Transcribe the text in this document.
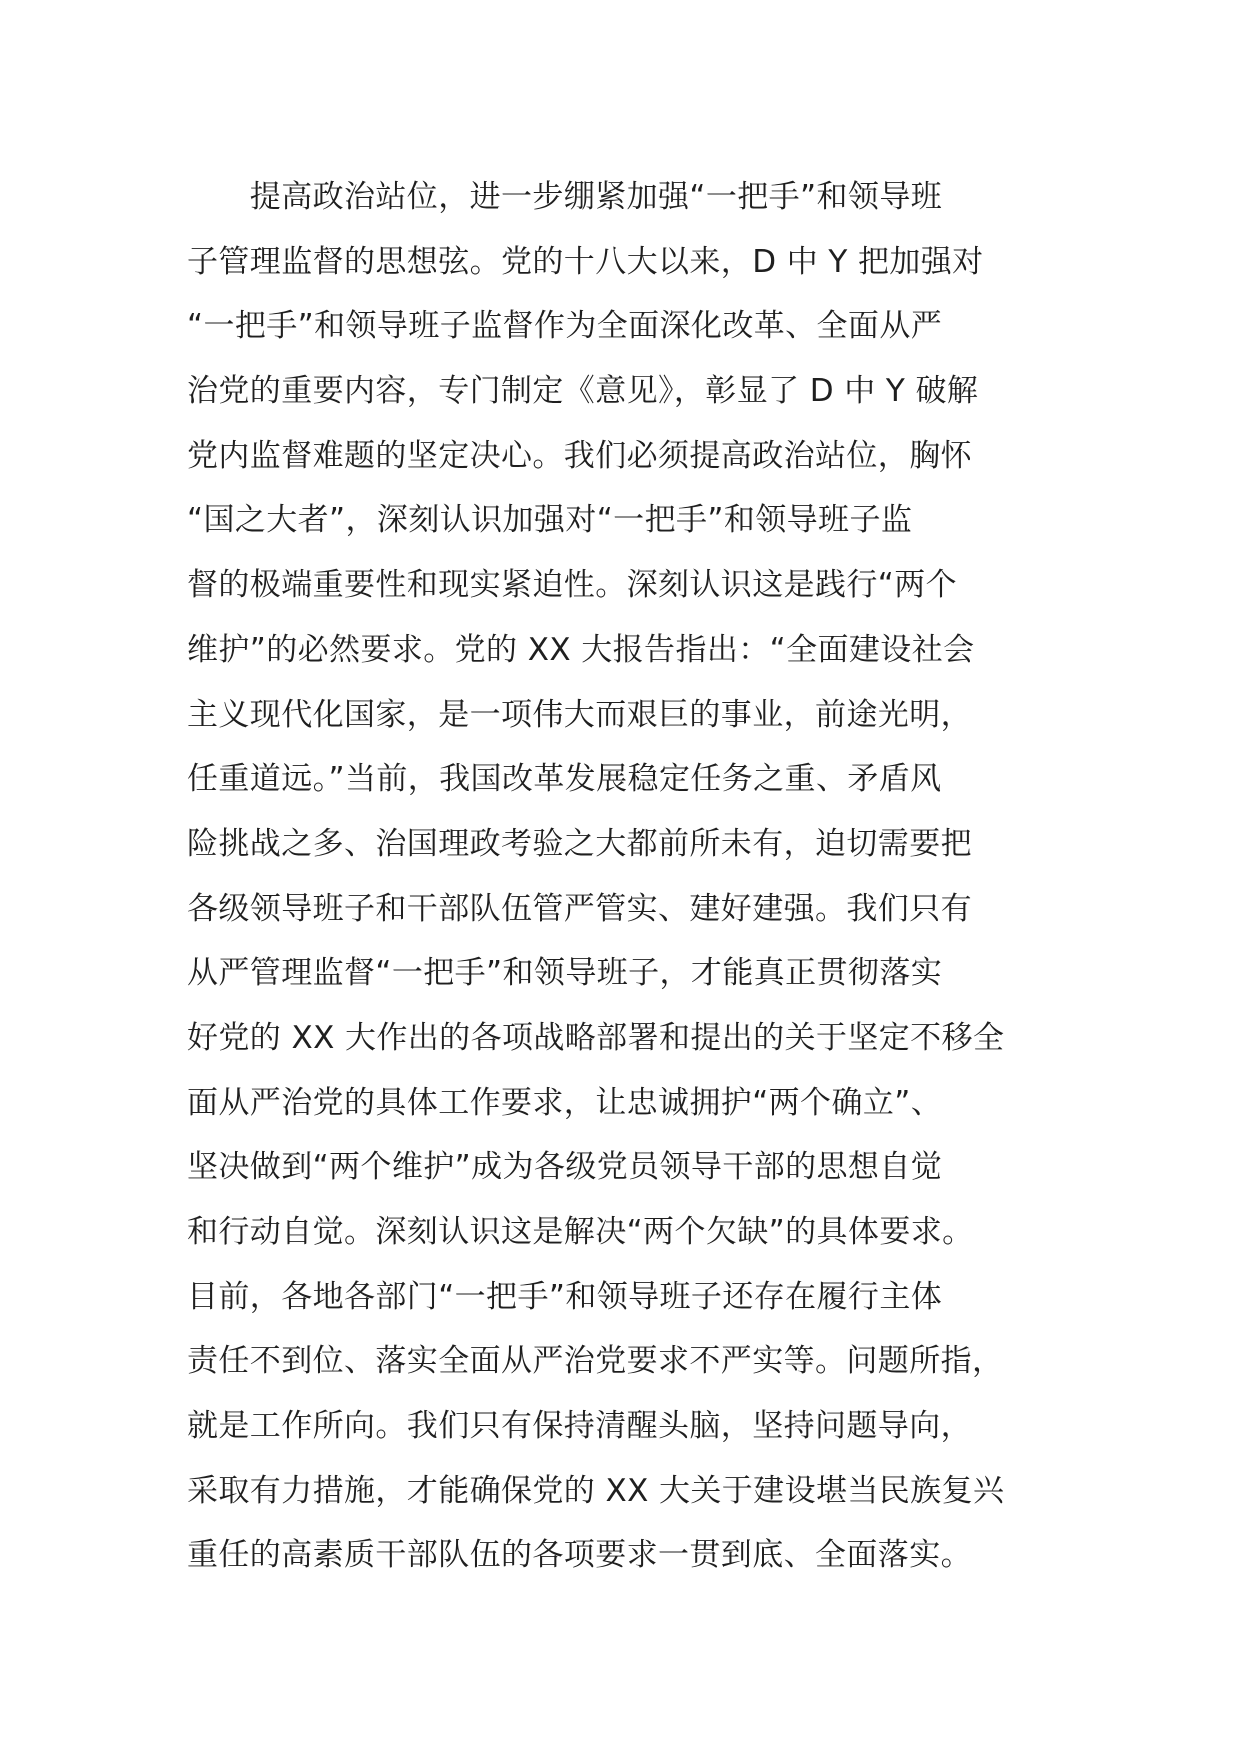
　　提高政治站位，进一步绷紧加强“一把手”和领导班
子管理监督的思想弦。党的十八大以来，D 中 Y 把加强对
“一把手”和领导班子监督作为全面深化改革、全面从严
治党的重要内容，专门制定《意见》，彰显了 D 中 Y 破解
党内监督难题的坚定决心。我们必须提高政治站位，胸怀
“国之大者”，深刻认识加强对“一把手”和领导班子监
督的极端重要性和现实紧迫性。深刻认识这是践行“两个
维护”的必然要求。党的 XX 大报告指出：“全面建设社会
主义现代化国家，是一项伟大而艰巨的事业，前途光明，
任重道远。”当前，我国改革发展稳定任务之重、矛盾风
险挑战之多、治国理政考验之大都前所未有，迫切需要把
各级领导班子和干部队伍管严管实、建好建强。我们只有
从严管理监督“一把手”和领导班子，才能真正贯彻落实
好党的 XX 大作出的各项战略部署和提出的关于坚定不移全
面从严治党的具体工作要求，让忠诚拥护“两个确立”、
坚决做到“两个维护”成为各级党员领导干部的思想自觉
和行动自觉。深刻认识这是解决“两个欠缺”的具体要求。
目前，各地各部门“一把手”和领导班子还存在履行主体
责任不到位、落实全面从严治党要求不严实等。问题所指，
就是工作所向。我们只有保持清醒头脑，坚持问题导向，
采取有力措施，才能确保党的 XX 大关于建设堪当民族复兴
重任的高素质干部队伍的各项要求一贯到底、全面落实。
